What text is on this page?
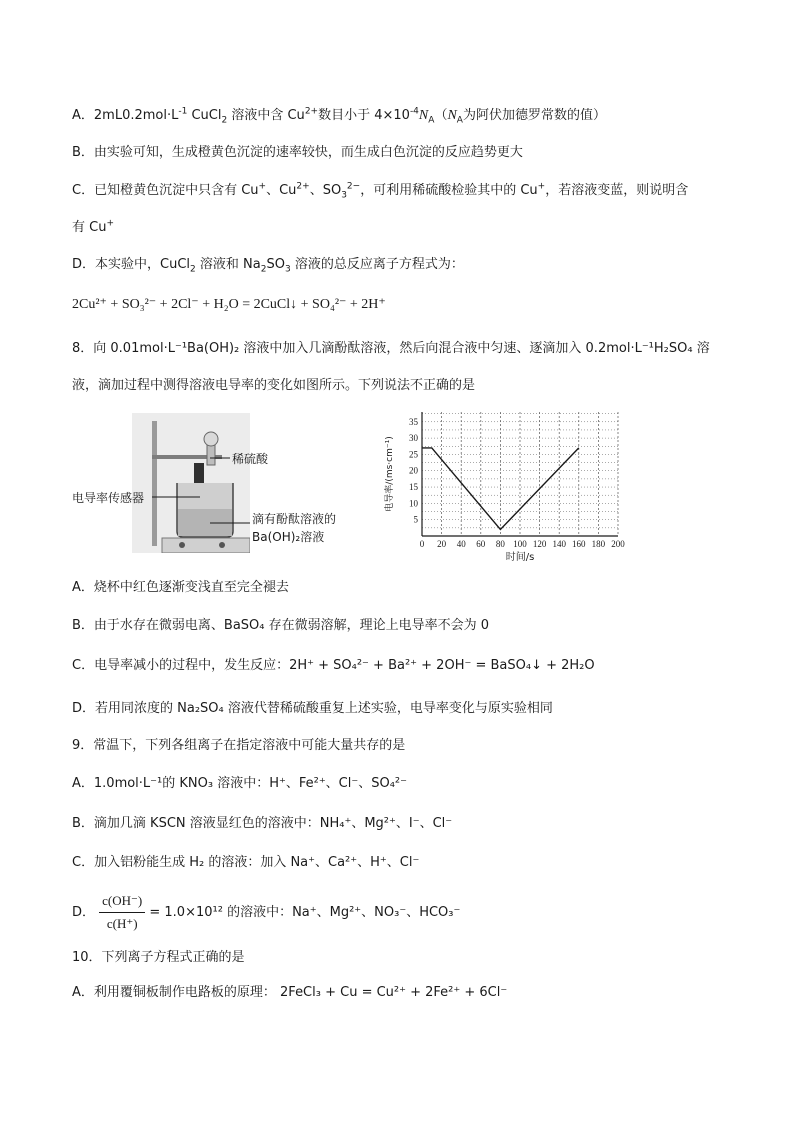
A．$2mL0.2mol\cdot L^{-1}$ CuCl$_2$ 溶液中含 $Cu^{2+}$数目小于 $4\times 10^{-4}N_A(N_A$为阿伏加德罗常数的值）
B．由实验可知，生成橙黄色沉淀的速率较快，而生成白色沉淀的反应趋势更大
C．已知橙黄色沉淀中只含有 Cu+、$Cu^{2+}$、$SO_3^{2-}$，可利用稀硫酸检验其中的 Cu+，若溶液变蓝，则说明含
有 Cu+
D．本实验中，CuCl$_2$ 溶液和 $Na_2SO_3$ 溶液的总反应离子方程式为：
2Cu²⁺ + SO₃²⁻ + 2Cl⁻ + H₂O = 2CuCl↓ + SO₄²⁻ + 2H⁺
8．向 0.01mol·L⁻¹Ba(OH)₂ 溶液中加入几滴酚酞溶液，然后向混合液中匀速、逐滴加入 0.2mol·L⁻¹H₂SO₄ 溶
液，滴加过程中测得溶液电导率的变化如图所示。下列说法不正确的是
稀硫酸
电导率传感器
滴有酚酞溶液的
Ba(OH)₂溶液	0 20 40 60 80 100 120 140 160 180 200
5
10
15
20
25
30
35
时间/s
电导率/(ms·cm⁻¹)
A．烧杯中红色逐渐变浅直至完全褪去
B．由于水存在微弱电离、BaSO₄ 存在微弱溶解，理论上电导率不会为 0
C．电导率减小的过程中，发生反应：2H⁺ + SO₄²⁻ + Ba²⁺ + 2OH⁻ = BaSO₄↓ + 2H₂O
D．若用同浓度的 Na₂SO₄ 溶液代替稀硫酸重复上述实验，电导率变化与原实验相同
9．常温下，下列各组离子在指定溶液中可能大量共存的是
A．1.0mol·L⁻¹的 KNO₃ 溶液中：H⁺、Fe²⁺、Cl⁻、SO₄²⁻
B．滴加几滴 KSCN 溶液显红色的溶液中：NH₄⁺、Mg²⁺、I⁻、Cl⁻
C．加入铝粉能生成 H₂ 的溶液：加入 Na⁺、Ca²⁺、H⁺、Cl⁻
D． $\frac{c(OH^-)}{c(H^+)} = 1.0\times 10^{12}$ 的溶液中：Na⁺、Mg²⁺、NO₃⁻、HCO₃⁻
10．下列离子方程式正确的是
A．利用覆铜板制作电路板的原理： 2FeCl₃ + Cu = Cu²⁺ + 2Fe²⁺ + 6Cl⁻
